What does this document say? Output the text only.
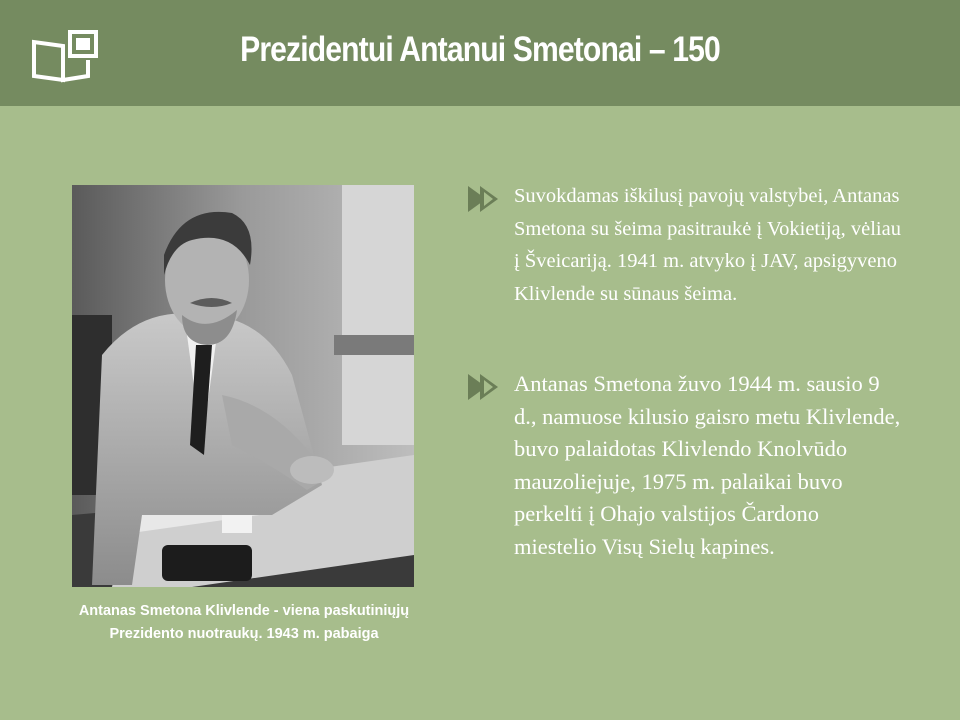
Prezidentui Antanui Smetonai – 150
Antanas Smetona Klivlende - viena paskutiniųjų Prezidento nuotraukų. 1943 m. pabaiga
Suvokdamas iškilusį pavojų valstybei, Antanas Smetona su šeima pasitraukė į Vokietiją, vėliau į Šveicariją. 1941 m. atvyko į JAV, apsigyveno Klivlende su sūnaus šeima.
Antanas Smetona žuvo 1944 m. sausio 9 d., namuose kilusio gaisro metu Klivlende, buvo palaidotas Klivlendo Knolvūdo mauzoliejuje, 1975 m. palaikai buvo perkelti į Ohajo valstijos Čardono miestelio Visų Sielų kapines.
